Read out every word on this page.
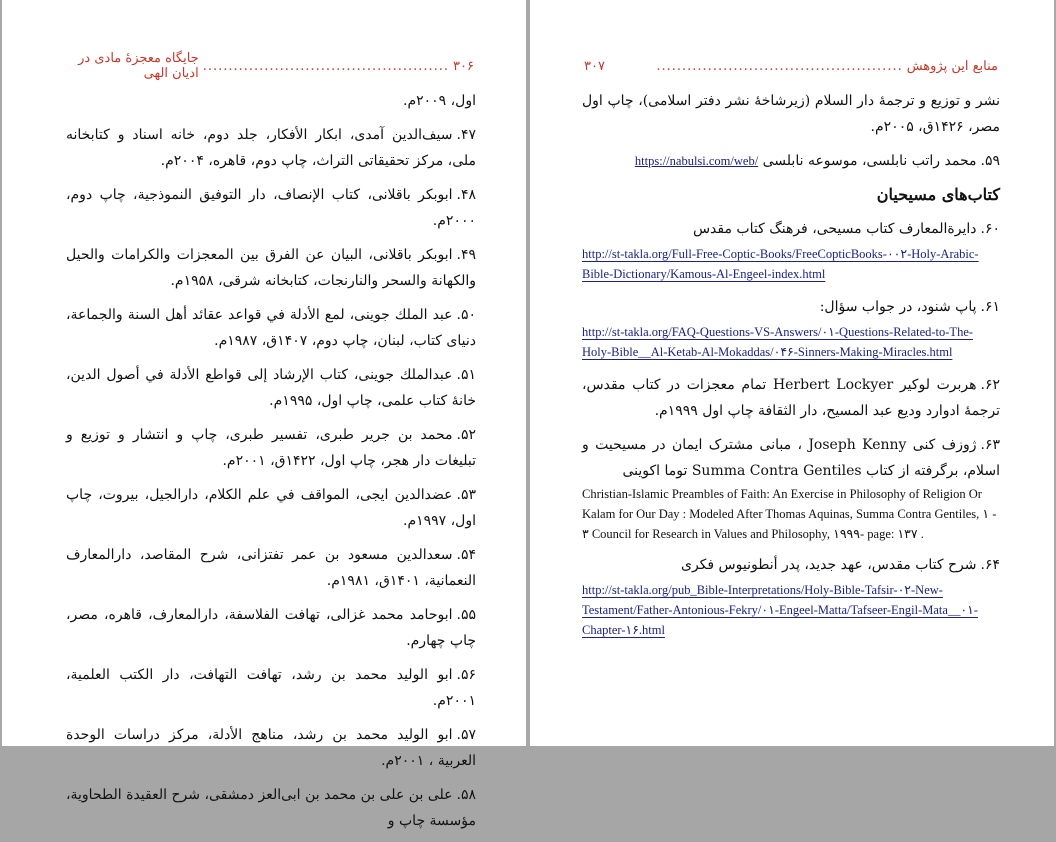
۳۰۶
................................................
جایگاه معجزۀ مادی در ادیان الهی
اول، ۲۰۰۹م.
۴۷.سیف‌الدین آمدی، ابکار الأفکار، جلد دوم، خانه اسناد و کتابخانه ملی، مرکز تحقیقاتی التراث، چاپ دوم، قاهره، ۲۰۰۴م.
۴۸.ابوبکر باقلانی، کتاب الإنصاف، دار التوفیق النموذجیة، چاپ دوم، ۲۰۰۰م.
۴۹.ابوبکر باقلانی، البیان عن الفرق بین المعجزات والکرامات والحیل والکهانة والسحر والنارنجات، کتابخانه شرقی، ۱۹۵۸م.
۵۰.عبد الملك جوینی، لمع الأدلة في قواعد عقائد أهل السنة والجماعة، دنیای کتاب، لبنان، چاپ دوم، ۱۴۰۷ق، ۱۹۸۷م.
۵۱.عبدالملك جوینی، کتاب الإرشاد إلى قواطع الأدلة في أصول الدین، خانهٔ کتاب علمی، چاپ اول، ۱۹۹۵م.
۵۲.محمد بن جریر طبری، تفسیر طبری، چاپ و انتشار و توزیع و تبلیغات دار هجر، چاپ اول، ۱۴۲۲ق، ۲۰۰۱م.
۵۳.عضدالدین ایجی، المواقف في علم الکلام، دارالجیل، بیروت، چاپ اول، ۱۹۹۷م.
۵۴.سعدالدین مسعود بن عمر تفتزانی، شرح المقاصد، دارالمعارف النعمانیة، ۱۴۰۱ق، ۱۹۸۱م.
۵۵.ابوحامد محمد غزالی، تهافت الفلاسفة، دارالمعارف، قاهره، مصر، چاپ چهارم.
۵۶.ابو الولید محمد بن رشد، تهافت التهافت، دار الکتب العلمیة، ۲۰۰۱م.
۵۷.ابو الولید محمد بن رشد، مناهج الأدلة، مرکز دراسات الوحدة العربیة ، ۲۰۰۱م.
۵۸.علی بن علی بن محمد بن ابی‌العز دمشقی، شرح العقیدة الطحاویة، مؤسسة چاپ و
منابع این پژوهش
................................................
۳۰۷
نشر و توزیع و ترجمهٔ دار السلام (زیرشاخهٔ نشر دفتر اسلامی)، چاپ اول مصر، ۱۴۲۶ق، ۲۰۰۵م.
۵۹.محمد راتب نابلسی، موسوعه نابلسی https://nabulsi.com/web/
کتاب‌های مسیحیان
۶۰.دایرةالمعارف کتاب مسیحی، فرهنگ کتاب مقدس
http://st-takla.org/Full-Free-Coptic-Books/FreeCopticBooks-۰۰۲-Holy-Arabic-Bible-Dictionary/Kamous-Al-Engeel-index.html
۶۱.پاپ شنود، در جواب سؤال:
http://st-takla.org/FAQ-Questions-VS-Answers/۰۱-Questions-Related-to-The-Holy-Bible__Al-Ketab-Al-Mokaddas/۰۴۶-Sinners-Making-Miracles.html
۶۲.هربرت لوکیر Herbert Lockyer تمام معجزات در کتاب مقدس، ترجمهٔ ادوارد ودیع عبد المسیح، دار الثقافة چاپ اول ۱۹۹۹م.
۶۳.ژوزف کنی Joseph Kenny ، مبانی مشترک ایمان در مسیحیت و اسلام، برگرفته از کتاب Summa Contra Gentiles توما اکوینی
Christian-Islamic Preambles of Faith: An Exercise in Philosophy of Religion Or Kalam for Our Day : Modeled After Thomas Aquinas, Summa Contra Gentiles, ۱ - ۳ Council for Research in Values and Philosophy, ۱۹۹۹- page: ۱۳۷ .
۶۴.شرح کتاب مقدس، عهد جدید، پدر أنطونیوس فکری
http://st-takla.org/pub_Bible-Interpretations/Holy-Bible-Tafsir-۰۲-New-Testament/Father-Antonious-Fekry/۰۱-Engeel-Matta/Tafseer-Engil-Mata__۰۱-Chapter-۱۶.html
